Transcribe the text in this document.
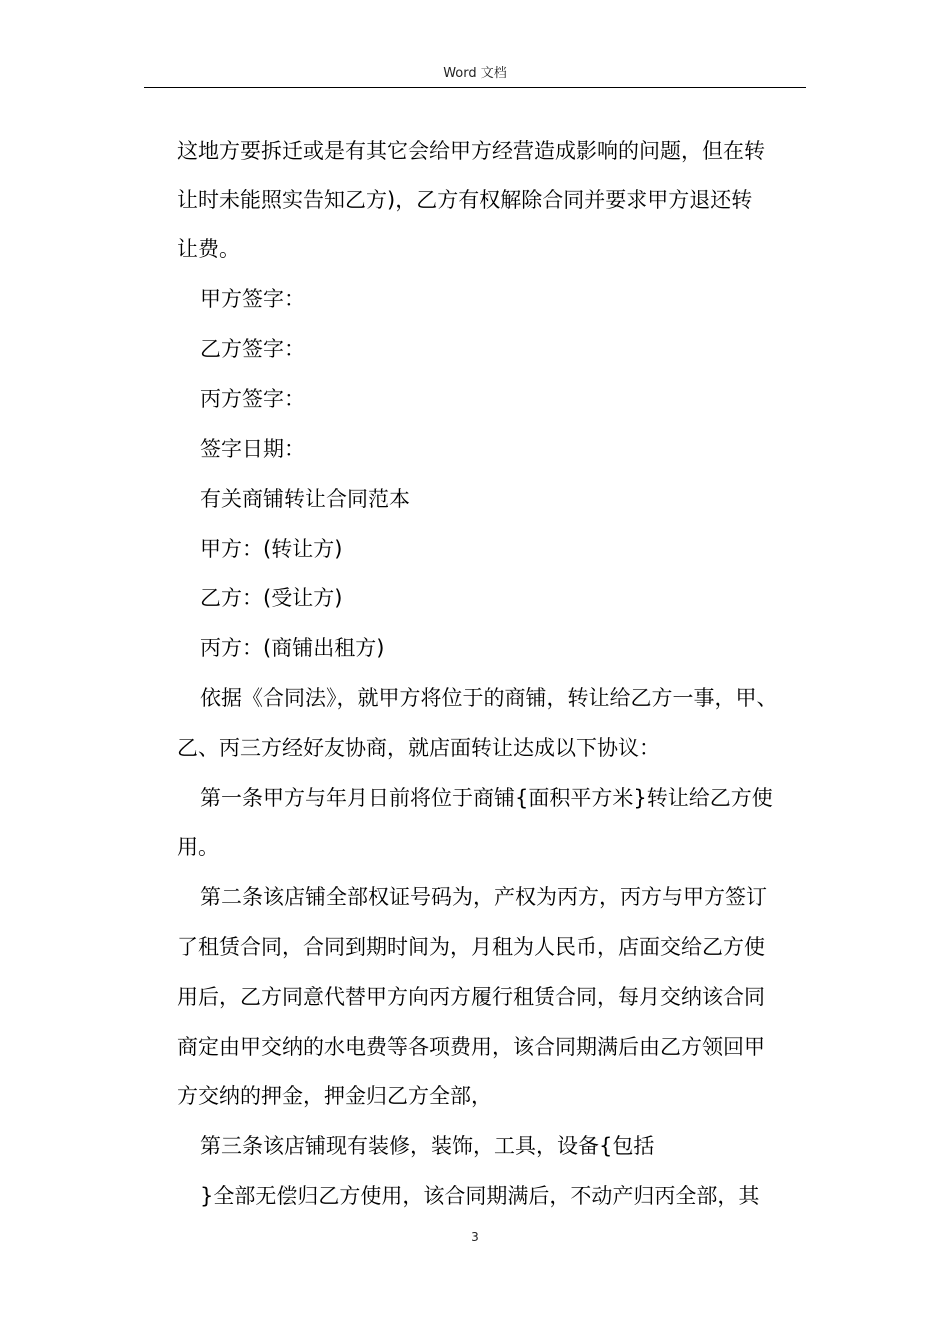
Word 文档
这地方要拆迁或是有其它会给甲方经营造成影响的问题，但在转
让时未能照实告知乙方)，乙方有权解除合同并要求甲方退还转
让费。
甲方签字：
乙方签字：
丙方签字：
签字日期：
有关商铺转让合同范本
甲方：(转让方)
乙方：(受让方)
丙方：(商铺出租方)
依据《合同法》，就甲方将位于的商铺，转让给乙方一事，甲、
乙、丙三方经好友协商，就店面转让达成以下协议：
第一条甲方与年月日前将位于商铺{面积平方米}转让给乙方使
用。
第二条该店铺全部权证号码为，产权为丙方，丙方与甲方签订
了租赁合同，合同到期时间为，月租为人民币，店面交给乙方使
用后，乙方同意代替甲方向丙方履行租赁合同，每月交纳该合同
商定由甲交纳的水电费等各项费用，该合同期满后由乙方领回甲
方交纳的押金，押金归乙方全部，
第三条该店铺现有装修，装饰，工具，设备{包括
}全部无偿归乙方使用，该合同期满后，不动产归丙全部，其
3
